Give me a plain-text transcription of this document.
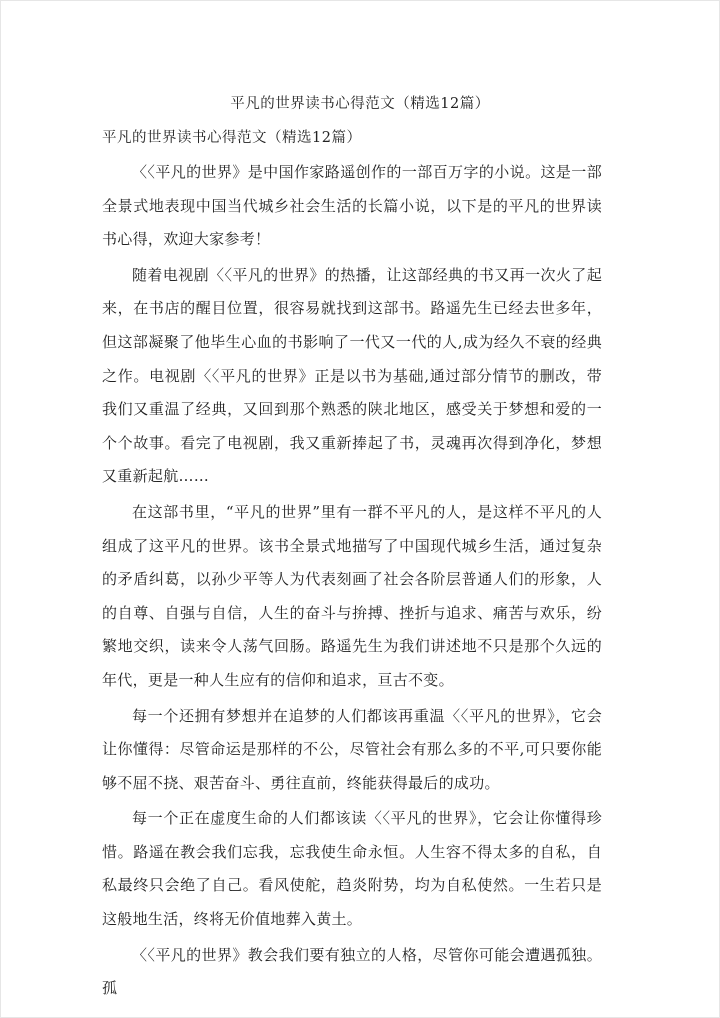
平凡的世界读书心得范文（精选12篇）
平凡的世界读书心得范文（精选12篇）

〈〈平凡的世界》是中国作家路遥创作的一部百万字的小说。这是一部全景式地表现中国当代城乡社会生活的长篇小说，以下是的平凡的世界读书心得，欢迎大家参考！

随着电视剧〈〈平凡的世界》的热播，让这部经典的书又再一次火了起来，在书店的醒目位置，很容易就找到这部书。路遥先生已经去世多年，但这部凝聚了他毕生心血的书影响了一代又一代的人,成为经久不衰的经典之作。电视剧〈〈平凡的世界》正是以书为基础,通过部分情节的删改，带我们又重温了经典，又回到那个熟悉的陕北地区，感受关于梦想和爱的一个个故事。看完了电视剧，我又重新捧起了书，灵魂再次得到净化，梦想又重新起航……

在这部书里，“平凡的世界”里有一群不平凡的人，是这样不平凡的人组成了这平凡的世界。该书全景式地描写了中国现代城乡生活，通过复杂的矛盾纠葛，以孙少平等人为代表刻画了社会各阶层普通人们的形象，人的自尊、自强与自信，人生的奋斗与拚搏、挫折与追求、痛苦与欢乐，纷繁地交织，读来令人荡气回肠。路遥先生为我们讲述地不只是那个久远的年代，更是一种人生应有的信仰和追求，亘古不变。

每一个还拥有梦想并在追梦的人们都该再重温〈〈平凡的世界》，它会让你懂得：尽管命运是那样的不公，尽管社会有那么多的不平,可只要你能够不屈不挠、艰苦奋斗、勇往直前，终能获得最后的成功。

每一个正在虚度生命的人们都该读〈〈平凡的世界》，它会让你懂得珍惜。路遥在教会我们忘我，忘我使生命永恒。人生容不得太多的自私，自私最终只会绝了自己。看风使舵，趋炎附势，均为自私使然。一生若只是这般地生活，终将无价值地葬入黄土。

〈〈平凡的世界》教会我们要有独立的人格，尽管你可能会遭遇孤独。孤
